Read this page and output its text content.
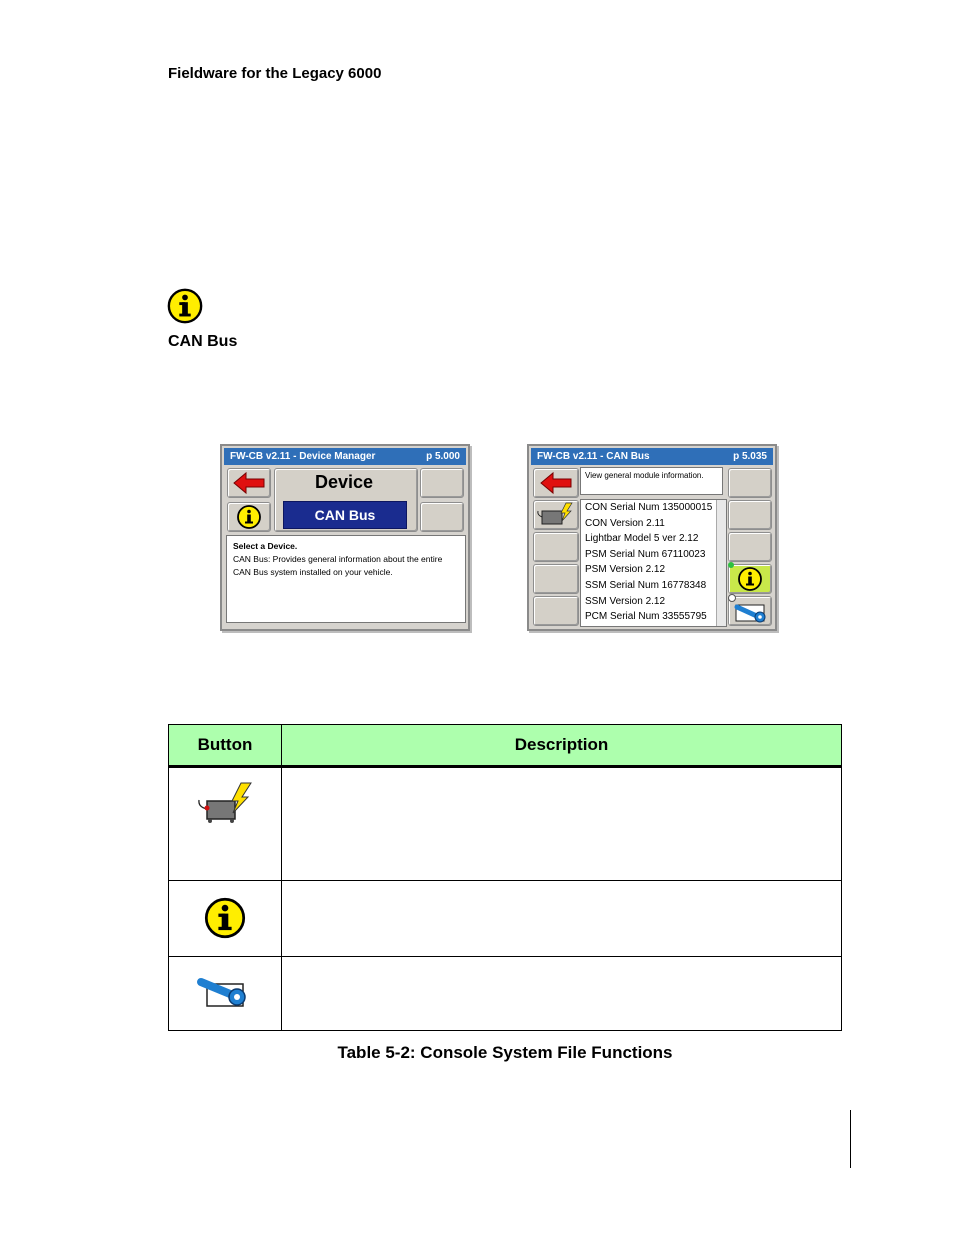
Fieldware for the Legacy 6000
CAN Bus
FW-CB v2.11 - Device Manager	p 5.000
Device
CAN Bus
Select a Device.
CAN Bus: Provides general information about the entire CAN Bus system installed on your vehicle.
FW-CB v2.11 - CAN Bus	p 5.035
View general module information.
CON Serial Num 135000015
CON Version 2.11
Lightbar Model 5 ver 2.12
PSM Serial Num 67110023
PSM Version 2.12
SSM Serial Num 16778348
SSM Version 2.12
PCM Serial Num 33555795
Button	Description

Table 5-2: Console System File Functions
